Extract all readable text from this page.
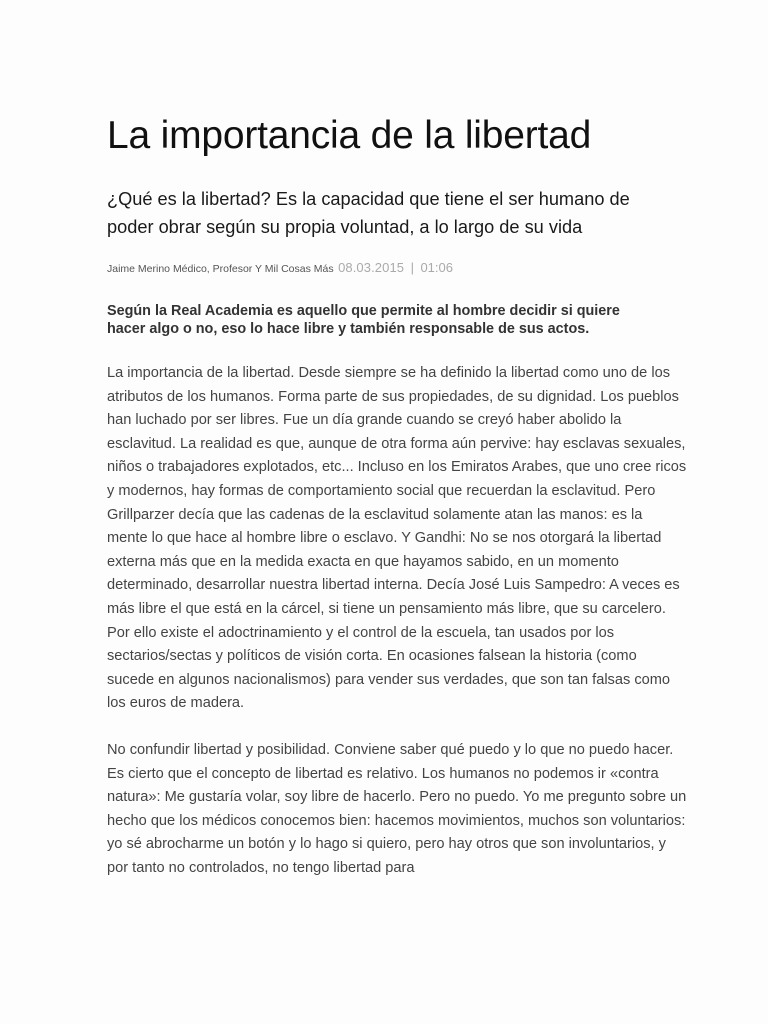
La importancia de la libertad

¿Qué es la libertad? Es la capacidad que tiene el ser humano de poder obrar según su propia voluntad, a lo largo de su vida

Jaime Merino Médico, Profesor Y Mil Cosas Más 08.03.2015 | 01:06

Según la Real Academia es aquello que permite al hombre decidir si quiere hacer algo o no, eso lo hace libre y también responsable de sus actos.

La importancia de la libertad. Desde siempre se ha definido la libertad como uno de los atributos de los humanos. Forma parte de sus propiedades, de su dignidad. Los pueblos han luchado por ser libres. Fue un día grande cuando se creyó haber abolido la esclavitud. La realidad es que, aunque de otra forma aún pervive: hay esclavas sexuales, niños o trabajadores explotados, etc... Incluso en los Emiratos Arabes, que uno cree ricos y modernos, hay formas de comportamiento social que recuerdan la esclavitud. Pero Grillparzer decía que las cadenas de la esclavitud solamente atan las manos: es la mente lo que hace al hombre libre o esclavo. Y Gandhi: No se nos otorgará la libertad externa más que en la medida exacta en que hayamos sabido, en un momento determinado, desarrollar nuestra libertad interna. Decía José Luis Sampedro: A veces es más libre el que está en la cárcel, si tiene un pensamiento más libre, que su carcelero. Por ello existe el adoctrinamiento y el control de la escuela, tan usados por los sectarios/sectas y políticos de visión corta. En ocasiones falsean la historia (como sucede en algunos nacionalismos) para vender sus verdades, que son tan falsas como los euros de madera.

No confundir libertad y posibilidad. Conviene saber qué puedo y lo que no puedo hacer. Es cierto que el concepto de libertad es relativo. Los humanos no podemos ir «contra natura»: Me gustaría volar, soy libre de hacerlo. Pero no puedo. Yo me pregunto sobre un hecho que los médicos conocemos bien: hacemos movimientos, muchos son voluntarios: yo sé abrocharme un botón y lo hago si quiero, pero hay otros que son involuntarios, y por tanto no controlados, no tengo libertad para
